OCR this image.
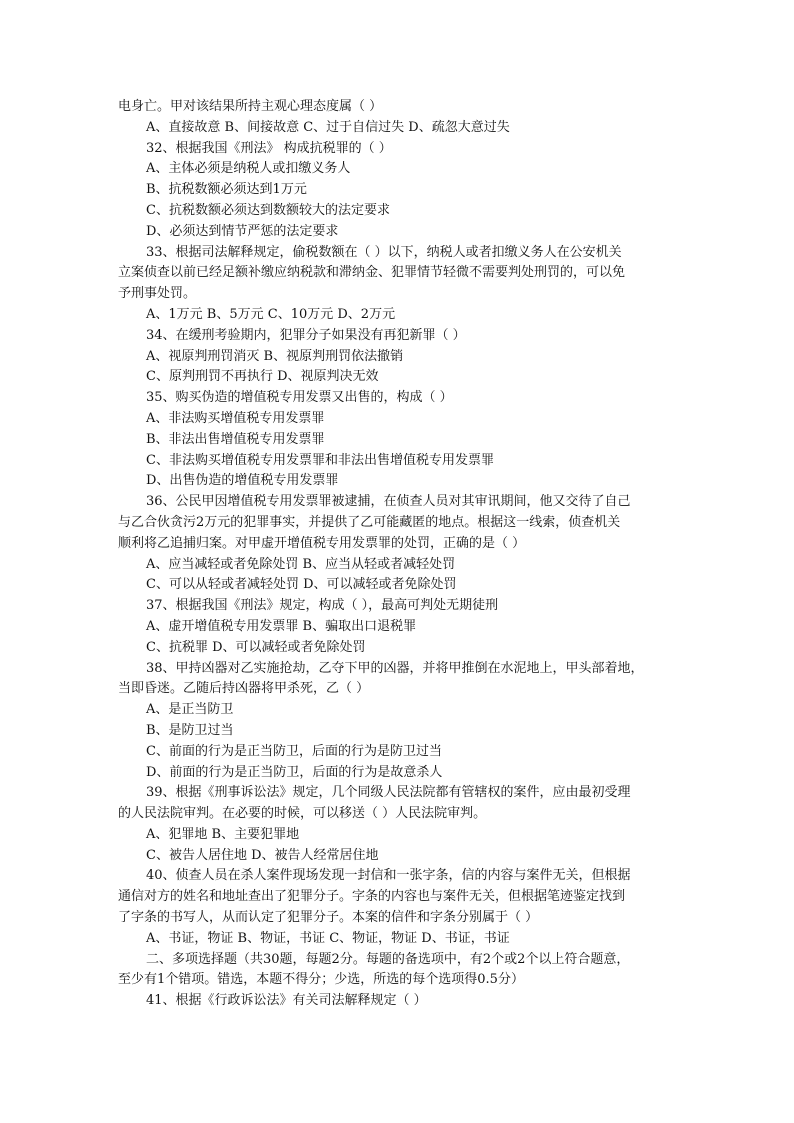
电身亡。甲对该结果所持主观心理态度属（ ）

A、直接故意 B、间接故意 C、过于自信过失 D、疏忽大意过失

32、根据我国《刑法》 构成抗税罪的（ ）

A、主体必须是纳税人或扣缴义务人

B、抗税数额必须达到1万元

C、抗税数额必须达到数额较大的法定要求

D、必须达到情节严惩的法定要求

33、根据司法解释规定，偷税数额在（ ）以下，纳税人或者扣缴义务人在公安机关

立案侦查以前已经足额补缴应纳税款和滞纳金、犯罪情节轻微不需要判处刑罚的，可以免

予刑事处罚。

A、1万元 B、5万元 C、10万元 D、2万元

34、在缓刑考验期内，犯罪分子如果没有再犯新罪（ ）

A、视原判刑罚消灭 B、视原判刑罚依法撤销

C、原判刑罚不再执行 D、视原判决无效

35、购买伪造的增值税专用发票又出售的，构成（ ）

A、非法购买增值税专用发票罪

B、非法出售增值税专用发票罪

C、非法购买增值税专用发票罪和非法出售增值税专用发票罪

D、出售伪造的增值税专用发票罪

36、公民甲因增值税专用发票罪被逮捕，在侦查人员对其审讯期间，他又交待了自己

与乙合伙贪污2万元的犯罪事实，并提供了乙可能藏匿的地点。根据这一线索，侦查机关

顺利将乙追捕归案。对甲虚开增值税专用发票罪的处罚，正确的是（ ）

A、应当减轻或者免除处罚 B、应当从轻或者减轻处罚

C、可以从轻或者减轻处罚 D、可以减轻或者免除处罚

37、根据我国《刑法》规定，构成（ ），最高可判处无期徒刑

A、虚开增值税专用发票罪 B、骗取出口退税罪

C、抗税罪 D、可以减轻或者免除处罚

38、甲持凶器对乙实施抢劫，乙夺下甲的凶器，并将甲推倒在水泥地上，甲头部着地，

当即昏迷。乙随后持凶器将甲杀死，乙（ ）

A、是正当防卫

B、是防卫过当

C、前面的行为是正当防卫，后面的行为是防卫过当

D、前面的行为是正当防卫，后面的行为是故意杀人

39、根据《刑事诉讼法》规定，几个同级人民法院都有管辖权的案件，应由最初受理

的人民法院审判。在必要的时候，可以移送（ ）人民法院审判。

A、犯罪地 B、主要犯罪地

C、被告人居住地 D、被告人经常居住地

40、侦查人员在杀人案件现场发现一封信和一张字条，信的内容与案件无关，但根据

通信对方的姓名和地址查出了犯罪分子。字条的内容也与案件无关，但根据笔迹鉴定找到

了字条的书写人，从而认定了犯罪分子。本案的信件和字条分别属于（ ）

A、书证，物证 B、物证，书证 C、物证，物证 D、书证，书证

二、多项选择题（共30题，每题2分。每题的备选项中，有2个或2个以上符合题意，

至少有1个错项。错选，本题不得分；少选，所选的每个选项得0.5分）

41、根据《行政诉讼法》有关司法解释规定（ ）
